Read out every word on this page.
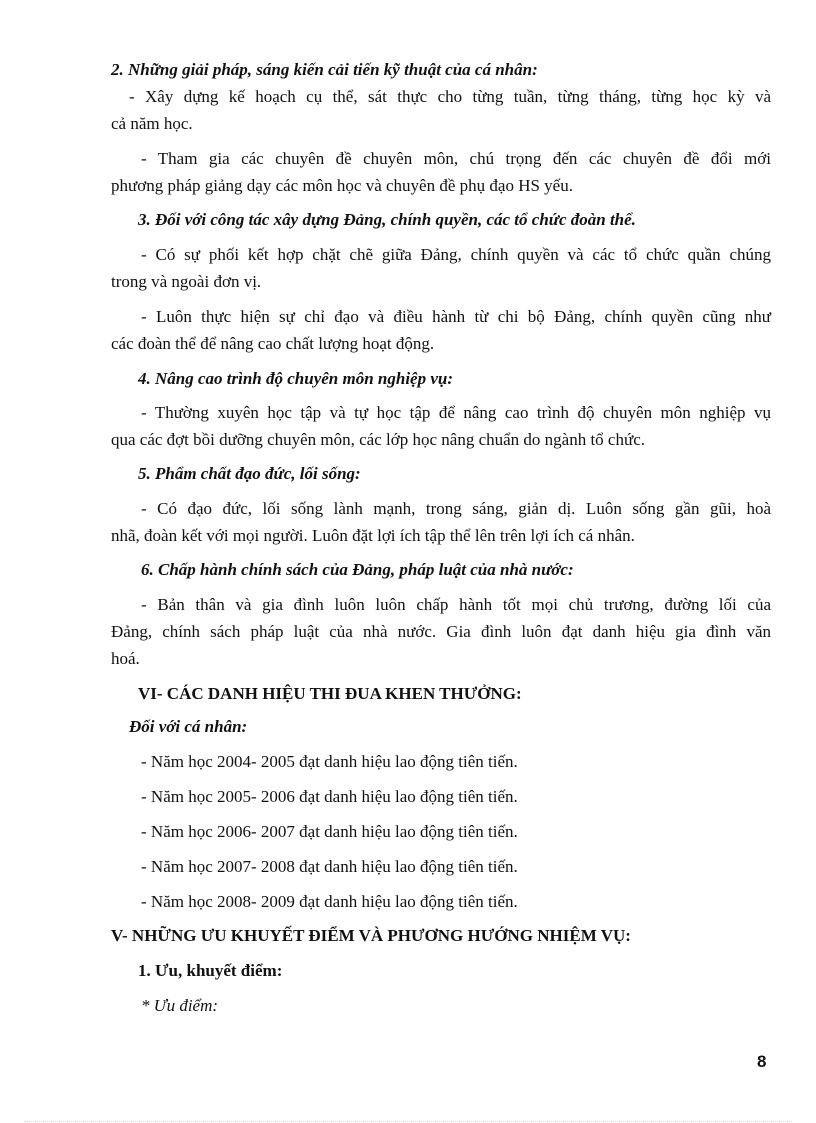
2. Những giải pháp, sáng kiến cải tiến kỹ thuật của cá nhân:
- Xây dựng kế hoạch cụ thể, sát thực cho từng tuần, từng tháng, từng học kỳ và
cả năm học.
- Tham gia các chuyên đề chuyên môn, chú trọng đến các chuyên đề đổi mới
phương pháp giảng dạy các môn học và chuyên đề phụ đạo HS yếu.
3. Đối với công tác xây dựng Đảng, chính quyền, các tổ chức đoàn thể.
- Có sự phối kết hợp chặt chẽ giữa Đảng, chính quyền và các tổ chức quần chúng
trong và ngoài đơn vị.
- Luôn thực hiện sự chỉ đạo và điều hành từ chi bộ Đảng, chính quyền cũng như
các đoàn thể để nâng cao chất lượng hoạt động.
4. Nâng cao trình độ chuyên môn nghiệp vụ:
- Thường xuyên học tập và tự học tập để nâng cao trình độ chuyên môn nghiệp vụ
qua các đợt bồi dưỡng chuyên môn, các lớp học nâng chuẩn do ngành tổ chức.
5. Phẩm chất đạo đức, lối sống:
- Có đạo đức, lối sống lành mạnh, trong sáng, giản dị. Luôn sống gần gũi, hoà
nhã, đoàn kết với mọi người. Luôn đặt lợi ích tập thể lên trên lợi ích cá nhân.
6. Chấp hành chính sách của Đảng, pháp luật của nhà nước:
- Bản thân và gia đình luôn luôn chấp hành tốt mọi chủ trương, đường lối của
Đảng, chính sách pháp luật của nhà nước. Gia đình luôn đạt danh hiệu gia đình văn
hoá.
VI- CÁC DANH HIỆU THI ĐUA KHEN THƯỞNG:
Đối với cá nhân:
- Năm học 2004- 2005 đạt danh hiệu lao động tiên tiến.
- Năm học 2005- 2006 đạt danh hiệu lao động tiên tiến.
- Năm học 2006- 2007 đạt danh hiệu lao động tiên tiến.
- Năm học 2007- 2008 đạt danh hiệu lao động tiên tiến.
- Năm học 2008- 2009 đạt danh hiệu lao động tiên tiến.
V- NHỮNG ƯU KHUYẾT ĐIỂM VÀ PHƯƠNG HƯỚNG NHIỆM VỤ:
1. Ưu, khuyết điểm:
* Ưu điểm:
8
